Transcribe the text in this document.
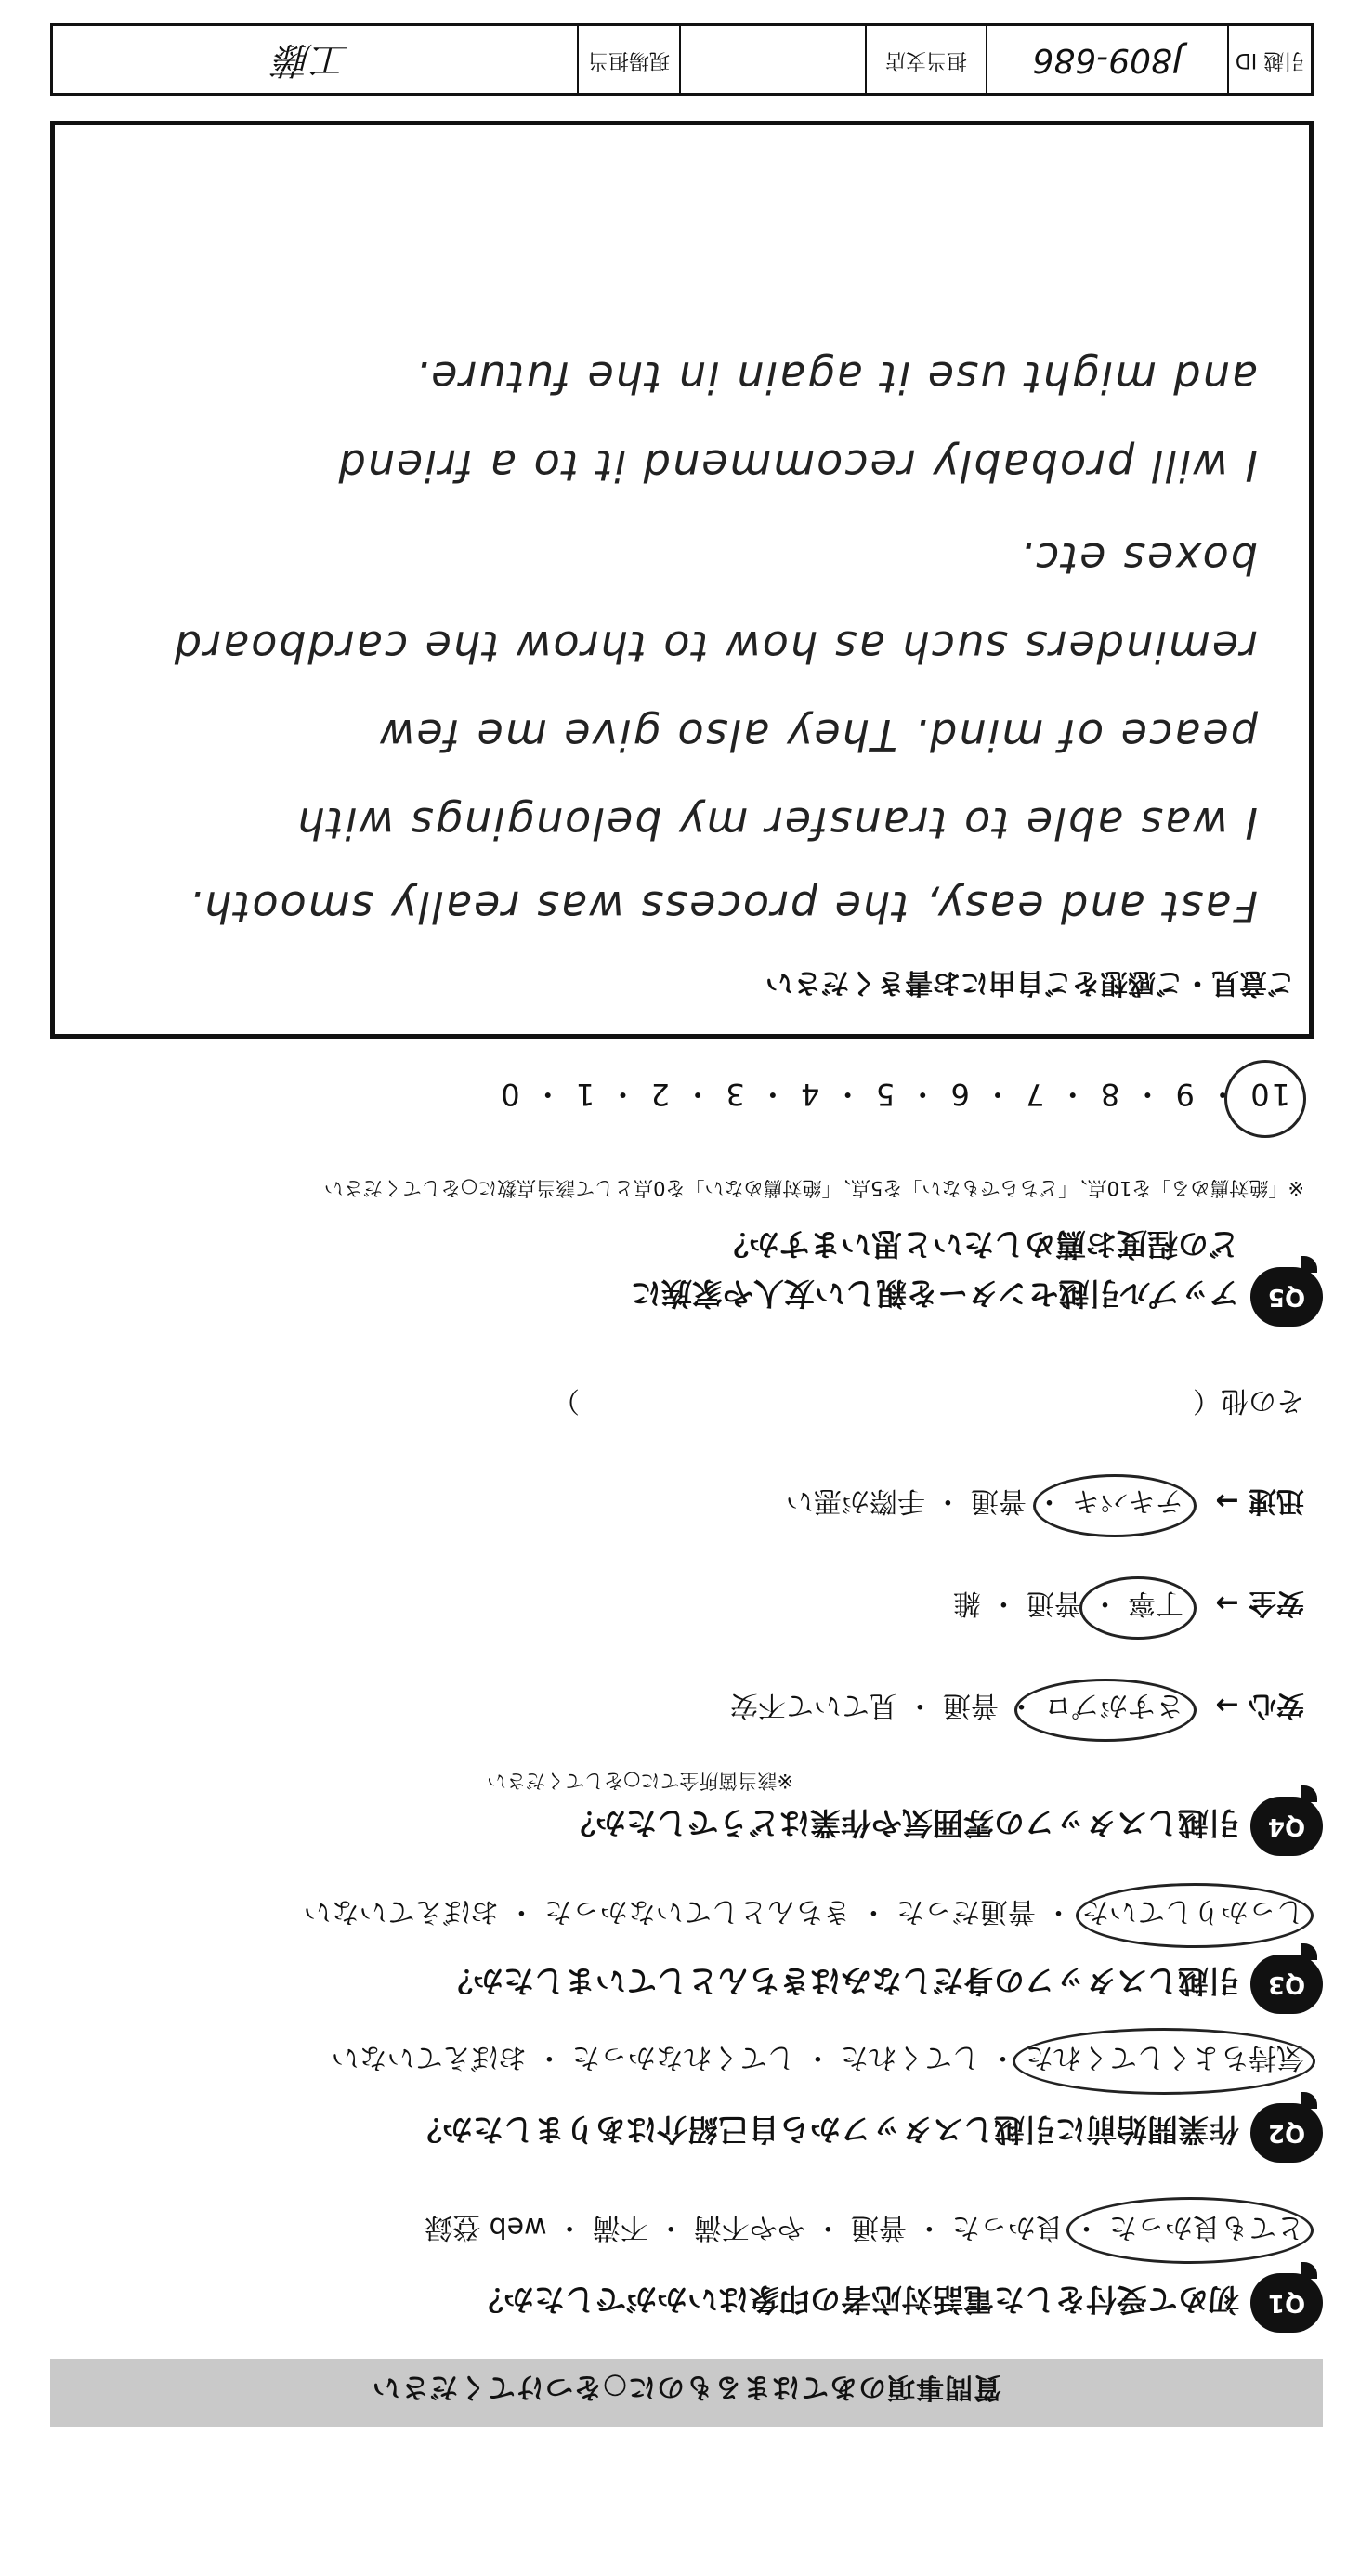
質問事項のあてはまるものに○をつけてください
Q1
初めて受付をした電話対応者の印象はいかがでしたか？
とても良かった ・ 良かった ・ 普通 ・ やや不満 ・ 不満 ・ web 登録
Q2
作業開始前に引越しスタッフから自己紹介はありましたか？
気持ちよくしてくれた ・ してくれた ・ してくれなかった ・ おぼえていない
Q3
引越しスタッフの身だしなみはきちんとしていましたか？
しっかりしていた ・ 普通だった ・ きちんとしていなかった ・ おぼえていない
Q4
引越しスタッフの雰囲気や作業はどうでしたか？
※該当箇所全てに○をしてください
安心 →
さすがプロ ・ 普通 ・ 見ていて不安
安全 →
丁寧 ・ 普通 ・ 雑
迅速 →
テキパキ ・ 普通 ・ 手際が悪い
その他（　　　　　　　　　　　　　　　　　　　　　　）
Q5
アップル引越センターを親しい友人や家族に
どの程度お薦めしたいと思いますか？
※「絶対薦める」を10点、「どちらでもない」を5点、「絶対薦めない」を0点として該当点数に○をしてください
10 ・ 9 ・ 8 ・ 7 ・ 6 ・ 5 ・ 4 ・ 3 ・ 2 ・ 1 ・ 0
ご意見・ご感想をご自由にお書きください
Fast and easy, the process was really smooth.
I was able to transfer my belongings with
peace of mind. They also give me few
reminders such as how to throw the cardboard
boxes etc.
I will probably recommend it to a friend
and might use it again in the future.
引越 ID
J809-686
担当支店
現場担当
工藤
